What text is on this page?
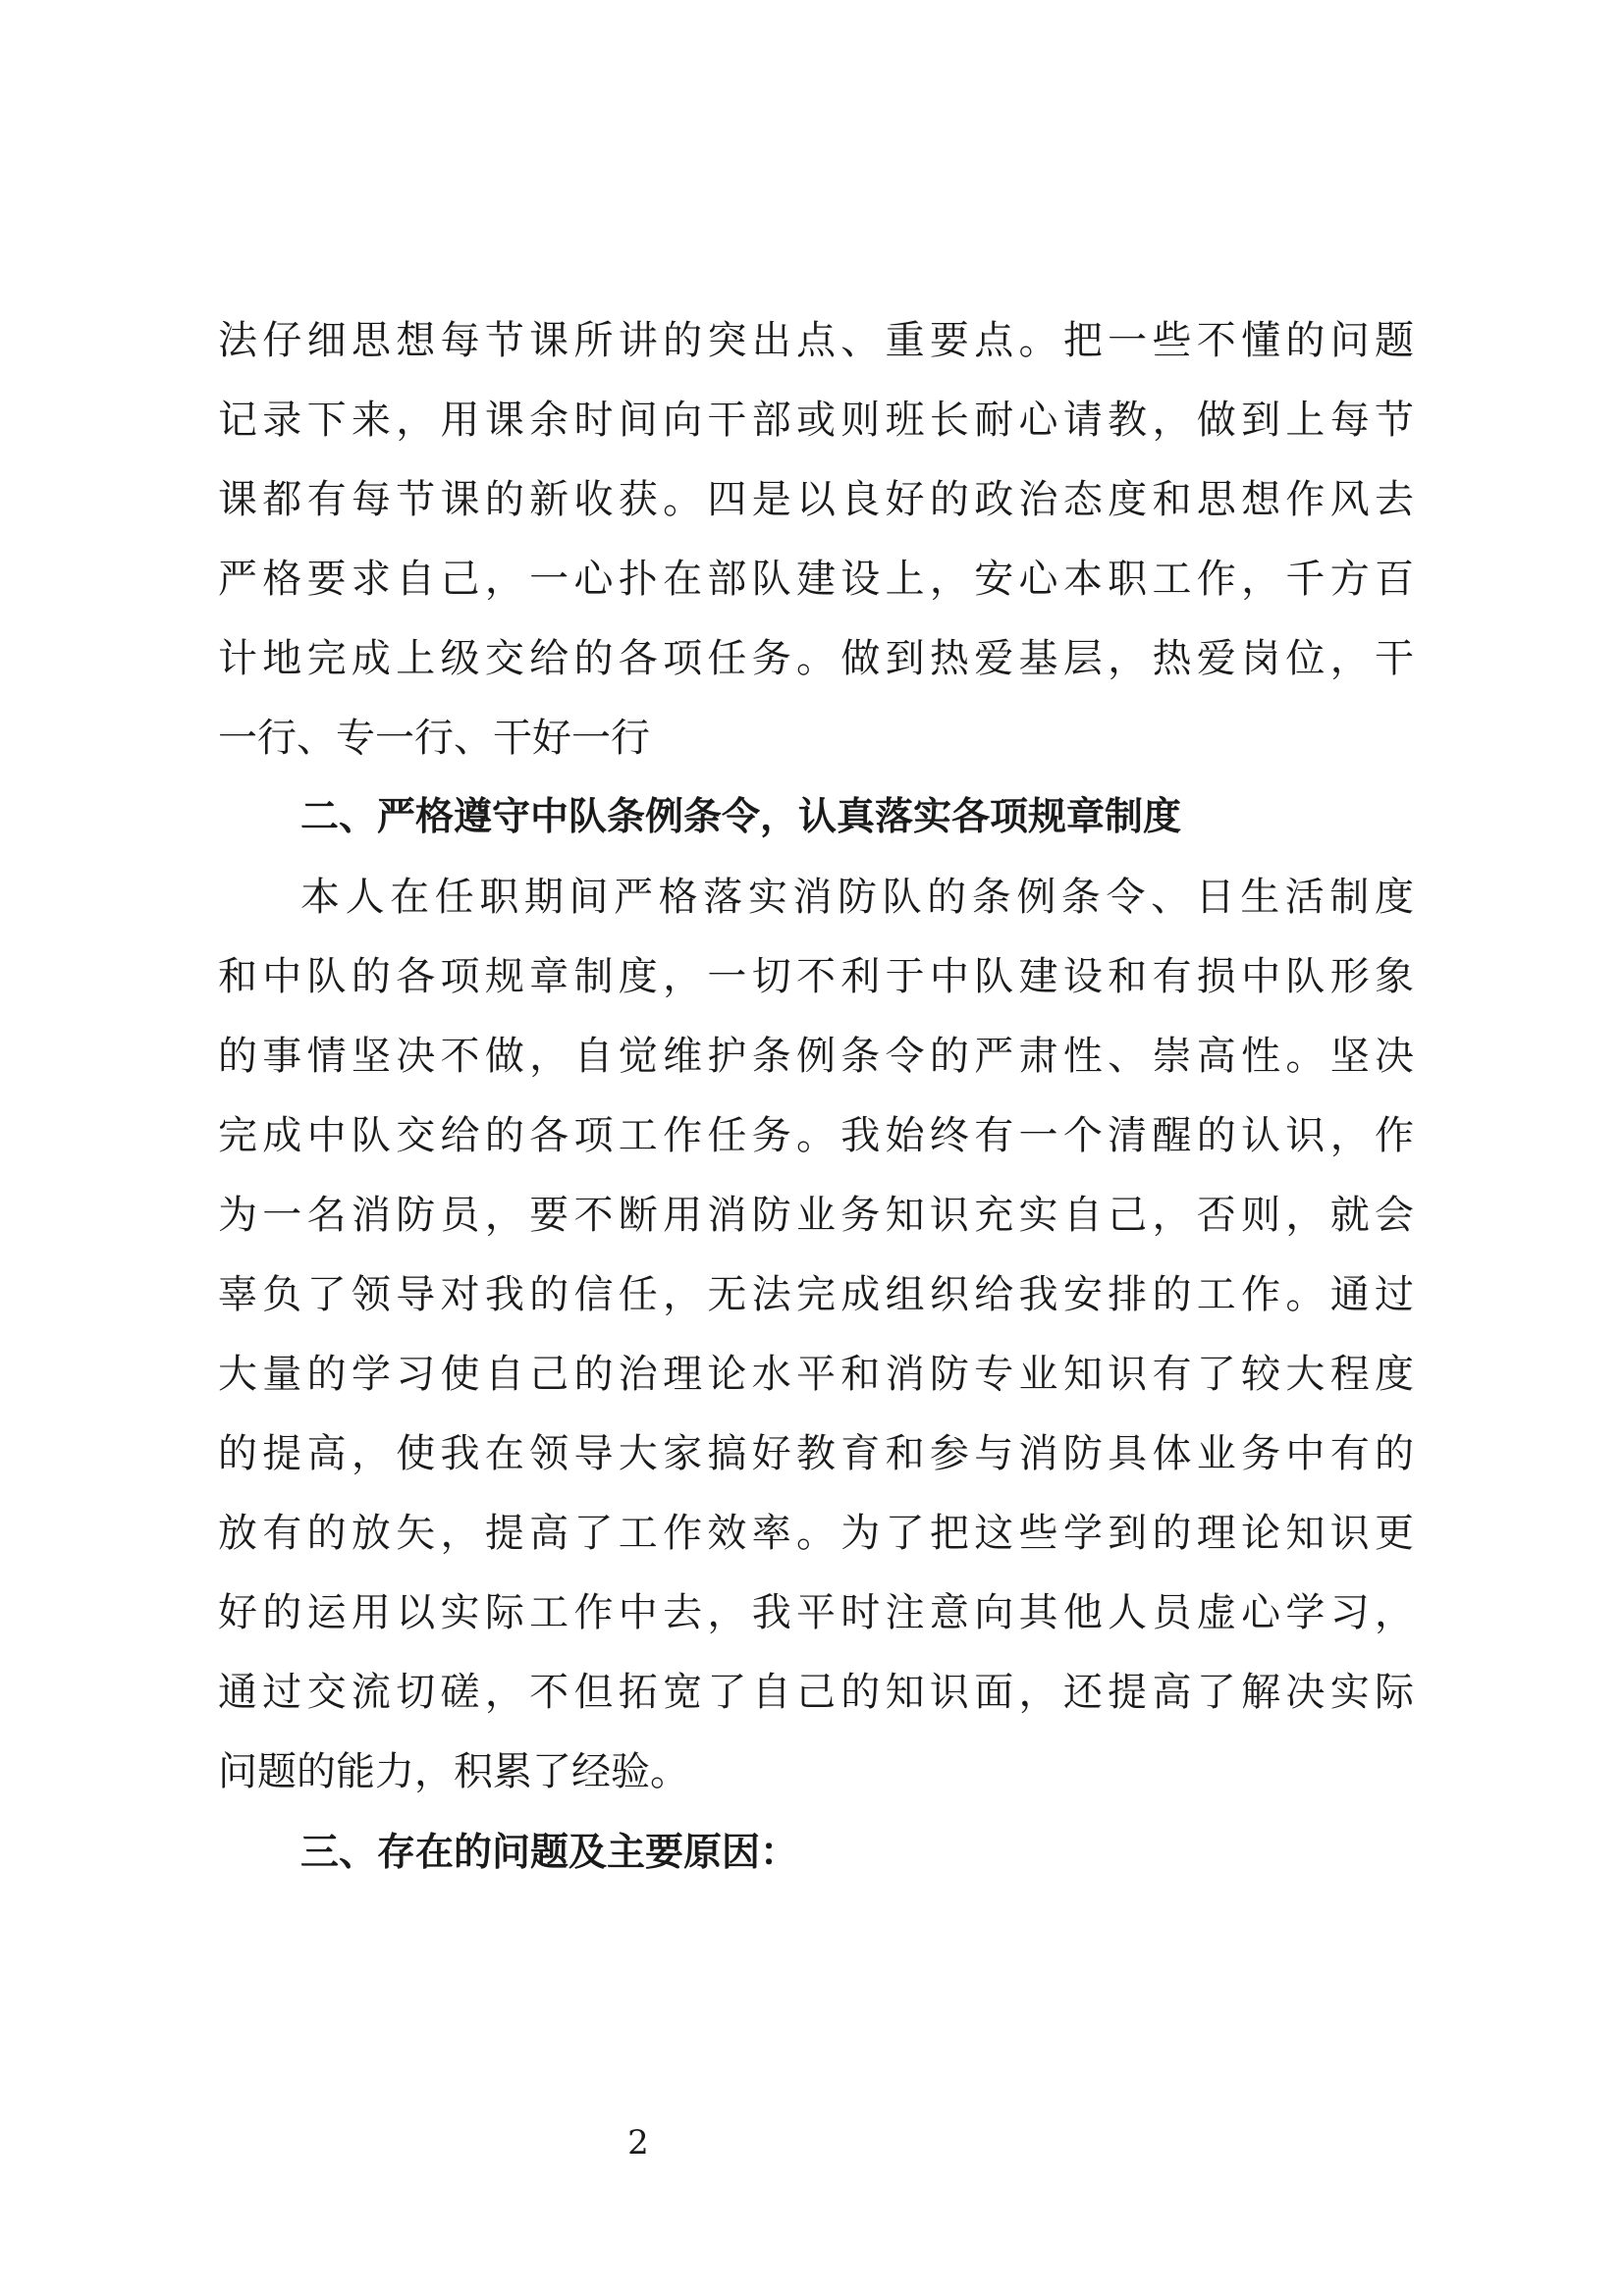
法仔细思想每节课所讲的突出点、重要点。把一些不懂的问题
记录下来，用课余时间向干部或则班长耐心请教，做到上每节
课都有每节课的新收获。四是以良好的政治态度和思想作风去
严格要求自己，一心扑在部队建设上，安心本职工作，千方百
计地完成上级交给的各项任务。做到热爱基层，热爱岗位，干
一行、专一行、干好一行
二、严格遵守中队条例条令，认真落实各项规章制度
本人在任职期间严格落实消防队的条例条令、日生活制度
和中队的各项规章制度，一切不利于中队建设和有损中队形象
的事情坚决不做，自觉维护条例条令的严肃性、崇高性。坚决
完成中队交给的各项工作任务。我始终有一个清醒的认识，作
为一名消防员，要不断用消防业务知识充实自己，否则，就会
辜负了领导对我的信任，无法完成组织给我安排的工作。通过
大量的学习使自己的治理论水平和消防专业知识有了较大程度
的提高，使我在领导大家搞好教育和参与消防具体业务中有的
放有的放矢，提高了工作效率。为了把这些学到的理论知识更
好的运用以实际工作中去，我平时注意向其他人员虚心学习，
通过交流切磋，不但拓宽了自己的知识面，还提高了解决实际
问题的能力，积累了经验。
三、存在的问题及主要原因：
2
